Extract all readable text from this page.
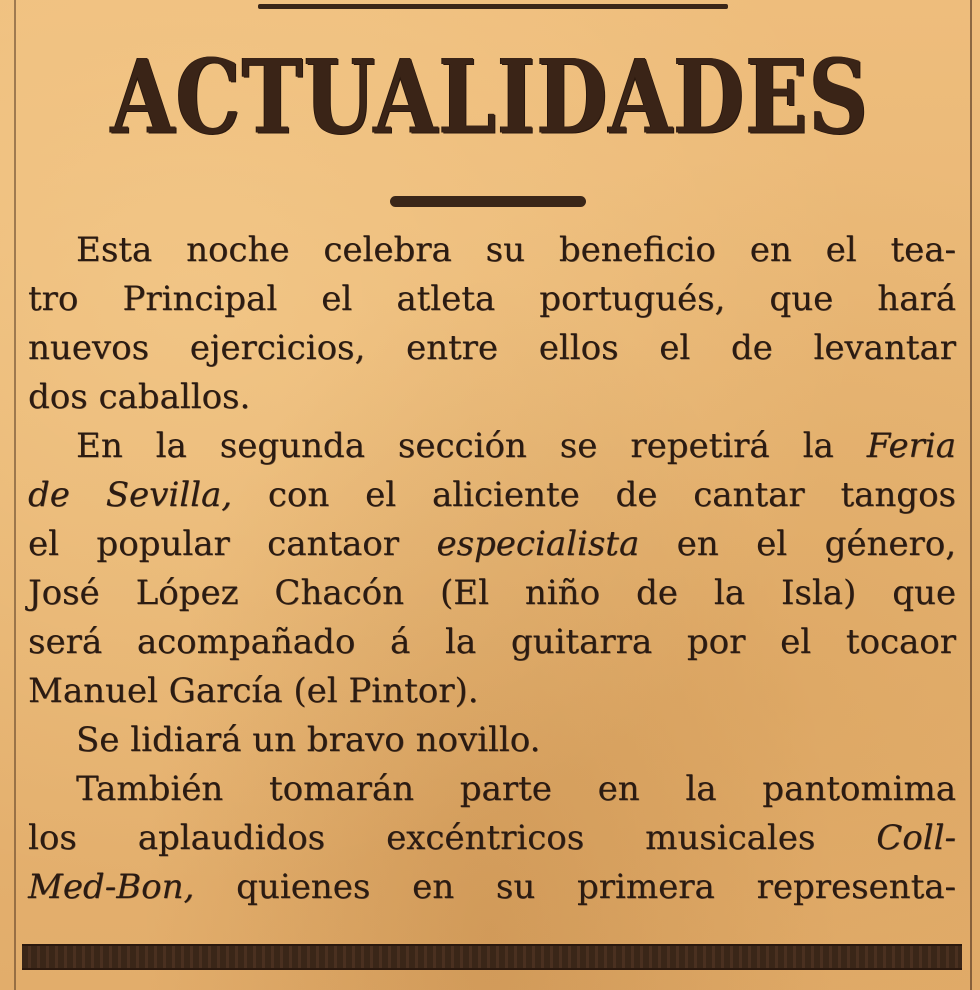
ACTUALIDADES
Esta noche celebra su beneficio en el tea-
tro Principal el atleta portugués, que hará
nuevos ejercicios, entre ellos el de levantar
dos caballos.
En la segunda sección se repetirá la Feria
de Sevilla, con el aliciente de cantar tangos
el popular cantaor especialista en el género,
José López Chacón (El niño de la Isla) que
será acompañado á la guitarra por el tocaor
Manuel García (el Pintor).
Se lidiará un bravo novillo.
También tomarán parte en la pantomima
los aplaudidos excéntricos musicales Coll-
Med-Bon, quienes en su primera representa-
